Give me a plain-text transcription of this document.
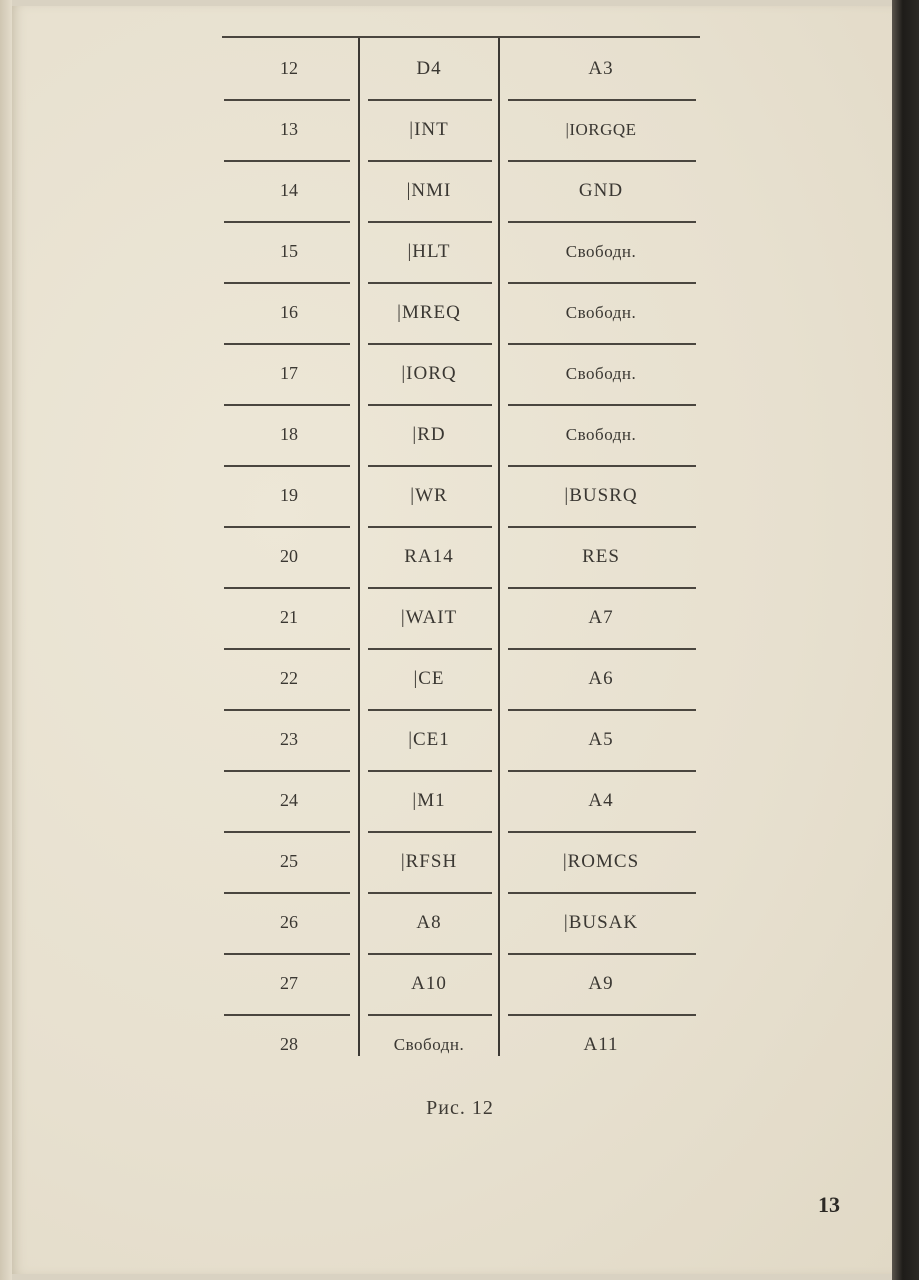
12	D4	A3
13	|INT	|IORGQE
14	|NMI	GND
15	|HLT	Свободн.
16	|MREQ	Свободн.
17	|IORQ	Свободн.
18	|RD	Свободн.
19	|WR	|BUSRQ
20	RA14	RES
21	|WAIT	A7
22	|CE	A6
23	|CE1	A5
24	|M1	A4
25	|RFSH	|ROMCS
26	A8	|BUSAK
27	A10	A9
28	Свободн.	A11
Рис. 12
13
